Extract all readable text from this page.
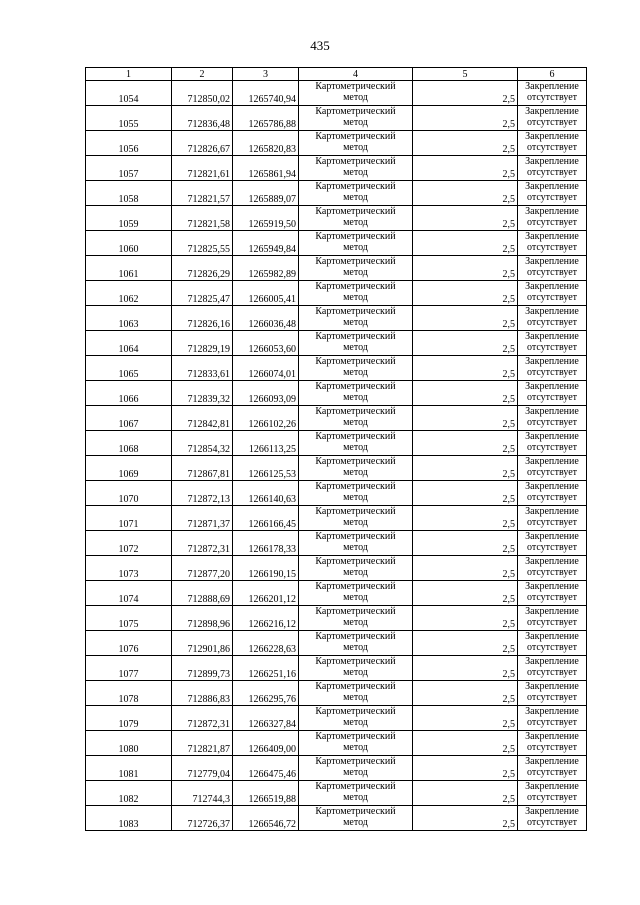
435
1	2	3	4	5	6
1054	712850,02	1265740,94	Картометрический
метод	2,5	Закрепление
отсутствует
1055	712836,48	1265786,88	Картометрический
метод	2,5	Закрепление
отсутствует
1056	712826,67	1265820,83	Картометрический
метод	2,5	Закрепление
отсутствует
1057	712821,61	1265861,94	Картометрический
метод	2,5	Закрепление
отсутствует
1058	712821,57	1265889,07	Картометрический
метод	2,5	Закрепление
отсутствует
1059	712821,58	1265919,50	Картометрический
метод	2,5	Закрепление
отсутствует
1060	712825,55	1265949,84	Картометрический
метод	2,5	Закрепление
отсутствует
1061	712826,29	1265982,89	Картометрический
метод	2,5	Закрепление
отсутствует
1062	712825,47	1266005,41	Картометрический
метод	2,5	Закрепление
отсутствует
1063	712826,16	1266036,48	Картометрический
метод	2,5	Закрепление
отсутствует
1064	712829,19	1266053,60	Картометрический
метод	2,5	Закрепление
отсутствует
1065	712833,61	1266074,01	Картометрический
метод	2,5	Закрепление
отсутствует
1066	712839,32	1266093,09	Картометрический
метод	2,5	Закрепление
отсутствует
1067	712842,81	1266102,26	Картометрический
метод	2,5	Закрепление
отсутствует
1068	712854,32	1266113,25	Картометрический
метод	2,5	Закрепление
отсутствует
1069	712867,81	1266125,53	Картометрический
метод	2,5	Закрепление
отсутствует
1070	712872,13	1266140,63	Картометрический
метод	2,5	Закрепление
отсутствует
1071	712871,37	1266166,45	Картометрический
метод	2,5	Закрепление
отсутствует
1072	712872,31	1266178,33	Картометрический
метод	2,5	Закрепление
отсутствует
1073	712877,20	1266190,15	Картометрический
метод	2,5	Закрепление
отсутствует
1074	712888,69	1266201,12	Картометрический
метод	2,5	Закрепление
отсутствует
1075	712898,96	1266216,12	Картометрический
метод	2,5	Закрепление
отсутствует
1076	712901,86	1266228,63	Картометрический
метод	2,5	Закрепление
отсутствует
1077	712899,73	1266251,16	Картометрический
метод	2,5	Закрепление
отсутствует
1078	712886,83	1266295,76	Картометрический
метод	2,5	Закрепление
отсутствует
1079	712872,31	1266327,84	Картометрический
метод	2,5	Закрепление
отсутствует
1080	712821,87	1266409,00	Картометрический
метод	2,5	Закрепление
отсутствует
1081	712779,04	1266475,46	Картометрический
метод	2,5	Закрепление
отсутствует
1082	712744,3	1266519,88	Картометрический
метод	2,5	Закрепление
отсутствует
1083	712726,37	1266546,72	Картометрический
метод	2,5	Закрепление
отсутствует
